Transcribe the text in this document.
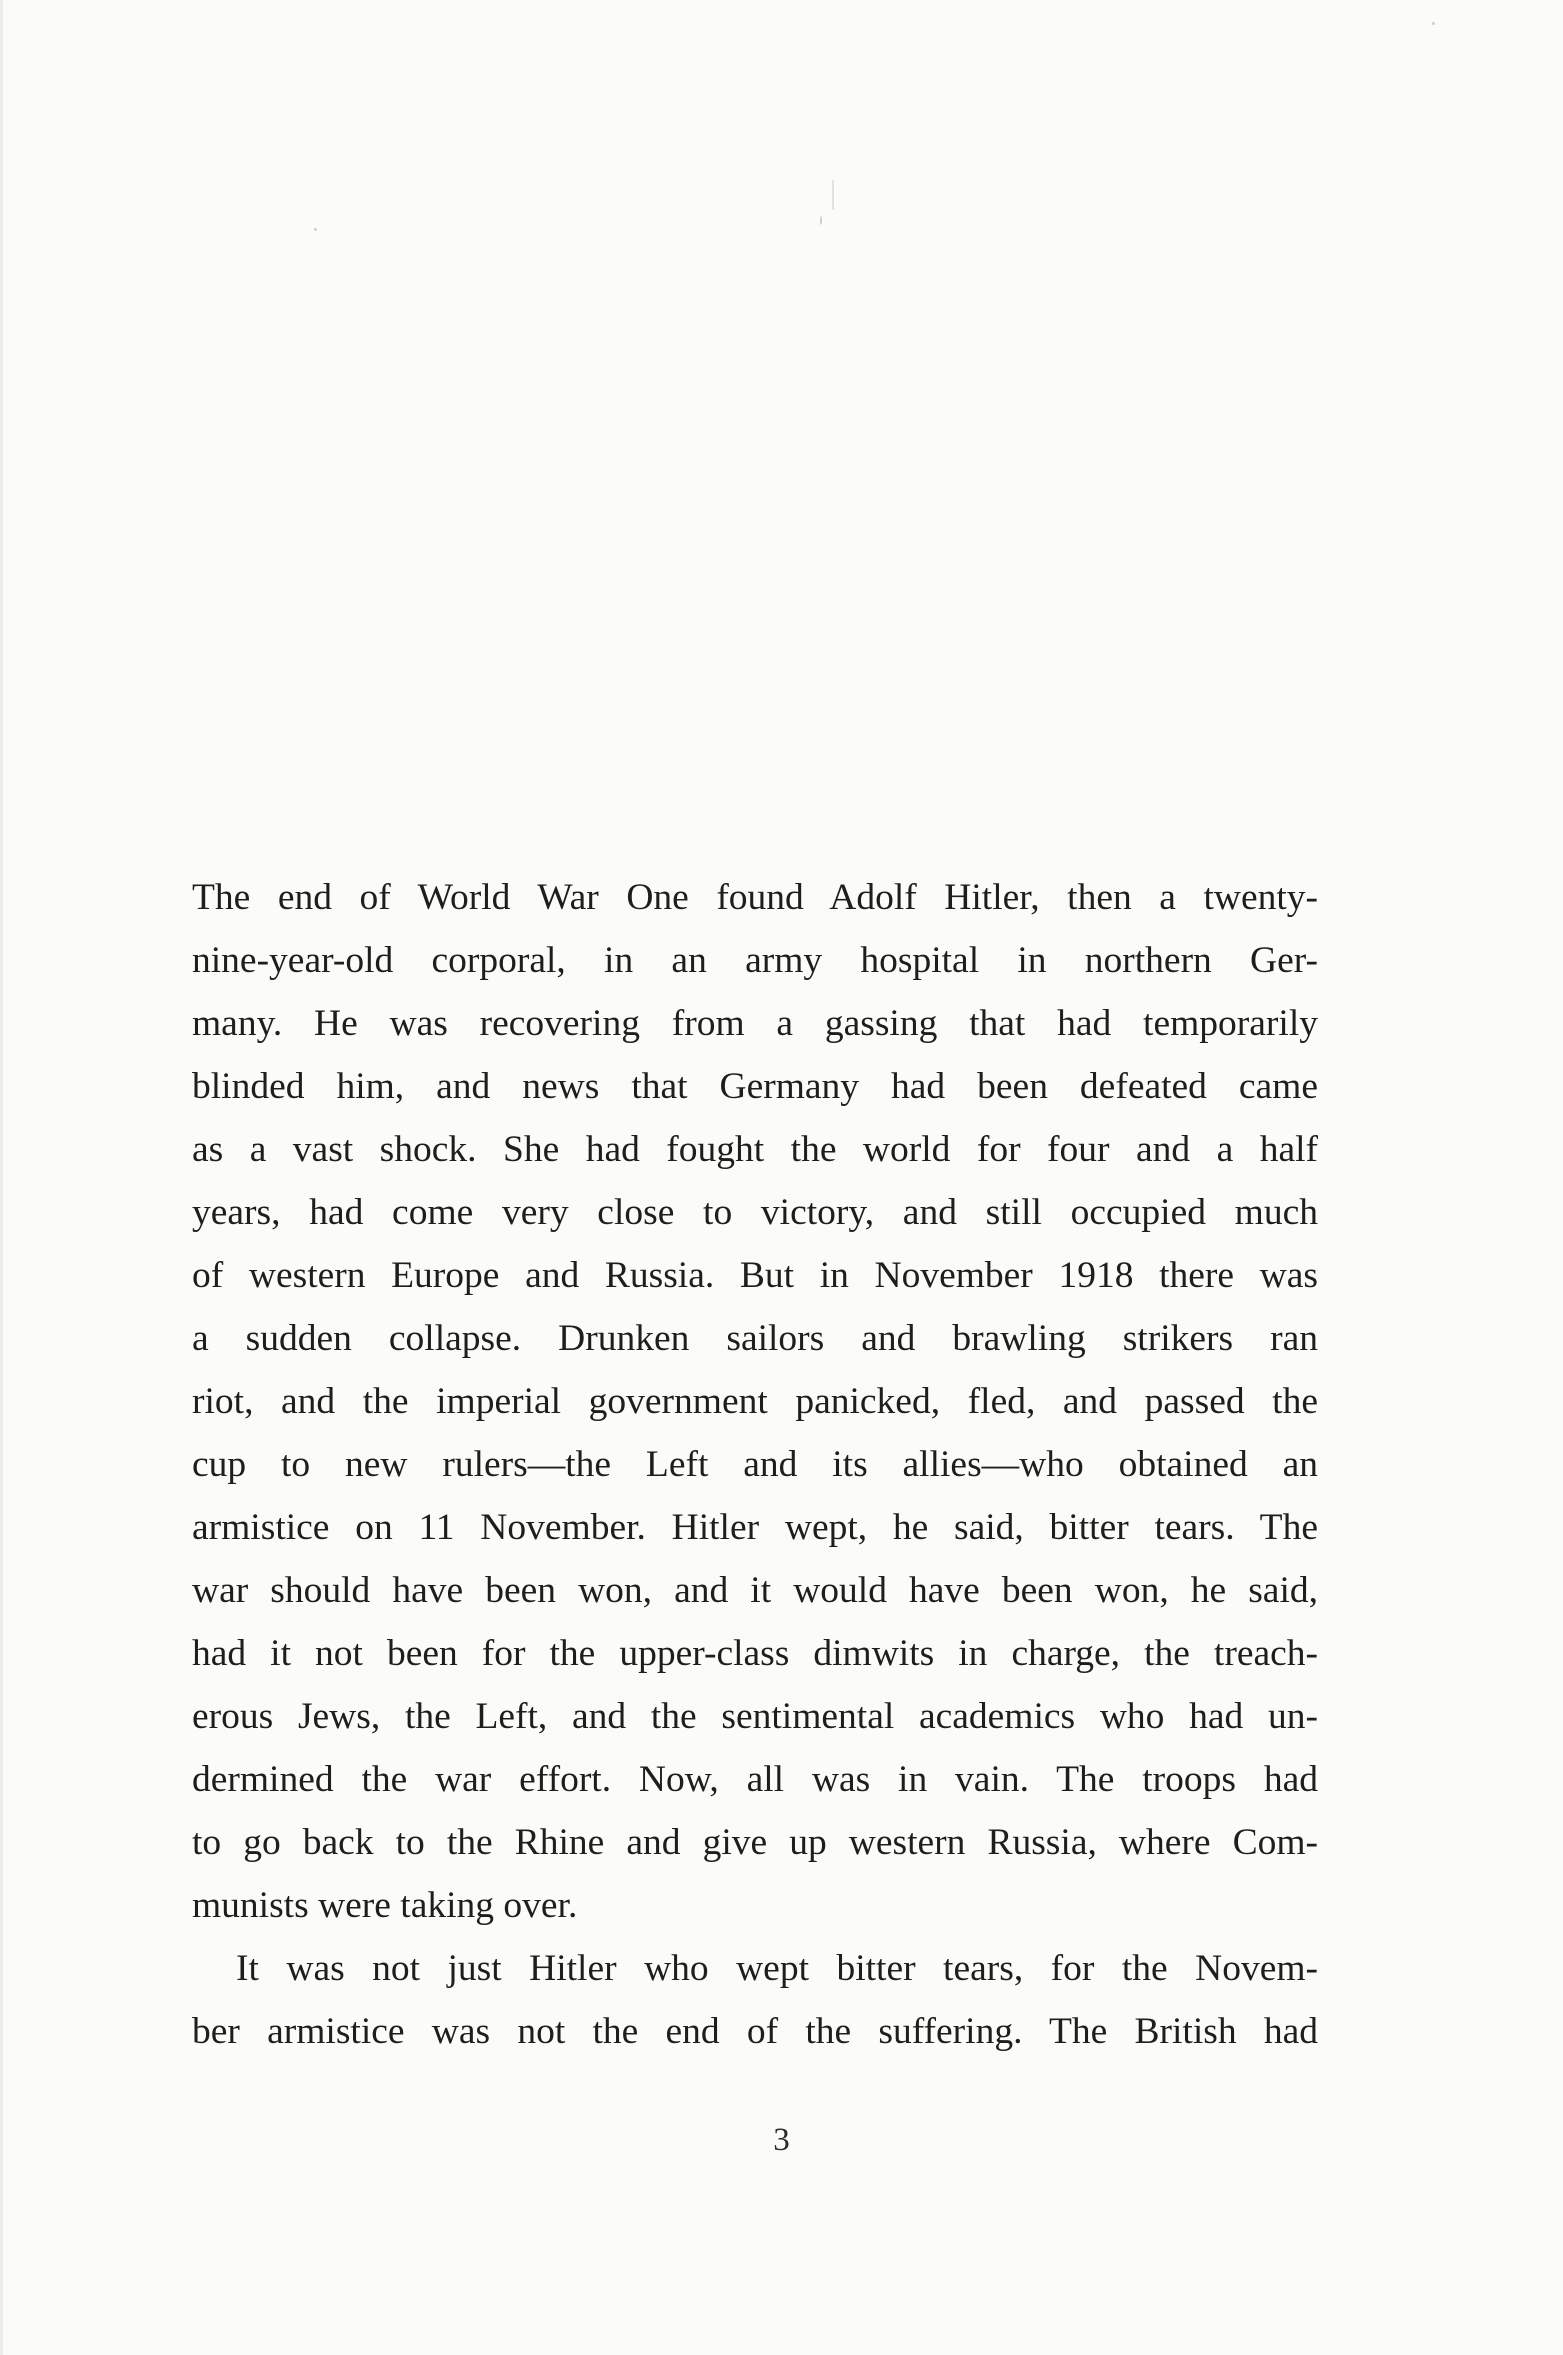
The end of World War One found Adolf Hitler, then a twenty-
nine-year-old corporal, in an army hospital in northern Ger-
many. He was recovering from a gassing that had temporarily
blinded him, and news that Germany had been defeated came
as a vast shock. She had fought the world for four and a half
years, had come very close to victory, and still occupied much
of western Europe and Russia. But in November 1918 there was
a sudden collapse. Drunken sailors and brawling strikers ran
riot, and the imperial government panicked, fled, and passed the
cup to new rulers—the Left and its allies—who obtained an
armistice on 11 November. Hitler wept, he said, bitter tears. The
war should have been won, and it would have been won, he said,
had it not been for the upper-class dimwits in charge, the treach-
erous Jews, the Left, and the sentimental academics who had un-
dermined the war effort. Now, all was in vain. The troops had
to go back to the Rhine and give up western Russia, where Com-
munists were taking over.
It was not just Hitler who wept bitter tears, for the Novem-
ber armistice was not the end of the suffering. The British had
3
